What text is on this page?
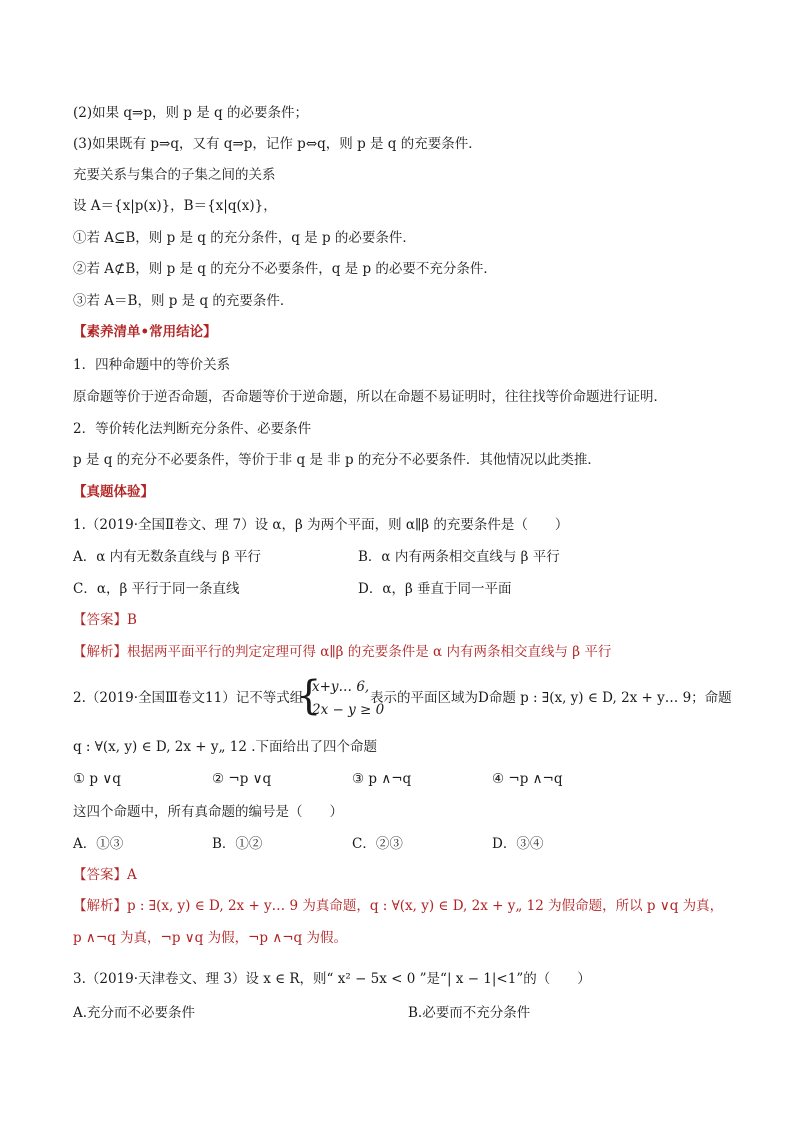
(2)如果 q⇒p，则 p 是 q 的必要条件；
(3)如果既有 p⇒q，又有 q⇒p，记作 p⇔q，则 p 是 q 的充要条件．
充要关系与集合的子集之间的关系
设 A＝{x|p(x)}，B＝{x|q(x)}，
①若 A⊆B，则 p 是 q 的充分条件，q 是 p 的必要条件．
②若 A⊄B，则 p 是 q 的充分不必要条件，q 是 p 的必要不充分条件．
③若 A＝B，则 p 是 q 的充要条件．
【素养清单•常用结论】
1．四种命题中的等价关系
原命题等价于逆否命题，否命题等价于逆命题，所以在命题不易证明时，往往找等价命题进行证明．
2．等价转化法判断充分条件、必要条件
p 是 q 的充分不必要条件，等价于非 q 是 非 p 的充分不必要条件．其他情况以此类推．
【真题体验】
1.（2019·全国Ⅱ卷文、理 7）设 α，β 为两个平面，则 α∥β 的充要条件是（　　）
A．α 内有无数条直线与 β 平行	B．α 内有两条相交直线与 β 平行
C．α，β 平行于同一条直线	D．α，β 垂直于同一平面
【答案】B
【解析】根据两平面平行的判定定理可得 α∥β 的充要条件是 α 内有两条相交直线与 β 平行
2.（2019·全国Ⅲ卷文11）记不等式组
{
x+y… 6,
2x − y ≥ 0
表示的平面区域为D命题 p : ∃(x, y) ∈ D, 2x + y… 9；命题
q : ∀(x, y) ∈ D, 2x + y„ 12 .下面给出了四个命题
① p ∨q	② ¬p ∨q	③ p ∧¬q	④ ¬p ∧¬q
这四个命题中，所有真命题的编号是（　　）
A．①③	B．①②	C．②③	D．③④
【答案】A
【解析】p : ∃(x, y) ∈ D, 2x + y… 9 为真命题，q : ∀(x, y) ∈ D, 2x + y„ 12 为假命题，所以 p ∨q 为真，
p ∧¬q 为真，¬p ∨q 为假，¬p ∧¬q 为假。
3.（2019·天津卷文、理 3）设 x ∈ R，则“ x² − 5x < 0 ”是“| x − 1|<1”的（　　）
A.充分而不必要条件	B.必要而不充分条件
